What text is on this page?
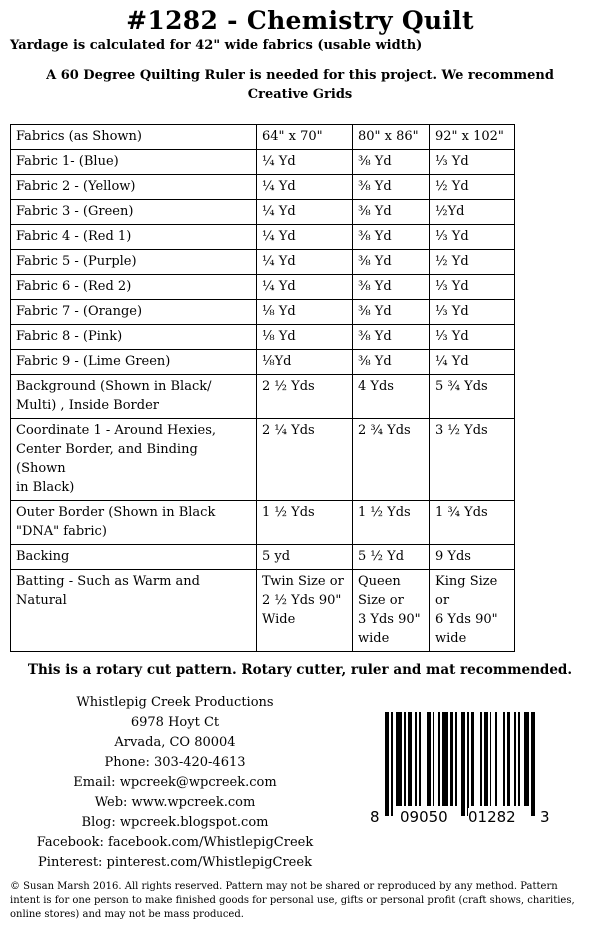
#1282 - Chemistry Quilt
Yardage is calculated for 42" wide fabrics (usable width)
A 60 Degree Quilting Ruler is needed for this project. We recommend
Creative Grids
Fabrics (as Shown)	64" x 70"	80" x 86"	92" x 102"
Fabric 1- (Blue)	¼ Yd	⅜ Yd	⅓ Yd
Fabric 2 - (Yellow)	¼ Yd	⅜ Yd	½ Yd
Fabric 3 - (Green)	¼ Yd	⅜ Yd	½Yd
Fabric 4 - (Red 1)	¼ Yd	⅜ Yd	⅓ Yd
Fabric 5 - (Purple)	¼ Yd	⅜ Yd	½ Yd
Fabric 6 - (Red 2)	¼ Yd	⅜ Yd	⅓ Yd
Fabric 7 - (Orange)	⅛ Yd	⅜ Yd	⅓ Yd
Fabric 8 - (Pink)	⅛ Yd	⅜ Yd	⅓ Yd
Fabric 9 - (Lime Green)	⅛Yd	⅜ Yd	¼ Yd
Background (Shown in Black/
Multi) , Inside Border	2 ½ Yds	4 Yds	5 ¾ Yds
Coordinate 1 - Around Hexies,
Center Border, and Binding (Shown
in Black)	2 ¼ Yds	2 ¾ Yds	3 ½ Yds
Outer Border (Shown in Black
"DNA" fabric)	1 ½ Yds	1 ½ Yds	1 ¾ Yds
Backing	5 yd	5 ½ Yd	9 Yds
Batting - Such as Warm and Natural	Twin Size or
2 ½ Yds 90"
Wide	Queen
Size or
3 Yds 90"
wide	King Size
or
6 Yds 90"
wide
This is a rotary cut pattern. Rotary cutter, ruler and mat recommended.
Whistlepig Creek Productions
6978 Hoyt Ct
Arvada, CO 80004
Phone: 303-420-4613
Email: wpcreek@wpcreek.com
Web: www.wpcreek.com
Blog: wpcreek.blogspot.com
Facebook: facebook.com/WhistlepigCreek
Pinterest: pinterest.com/WhistlepigCreek
8 09050 01282 3
© Susan Marsh 2016. All rights reserved. Pattern may not be shared or reproduced by any method. Pattern intent is for one person to make finished goods for personal use, gifts or personal profit (craft shows, charities, online stores) and may not be mass produced.
